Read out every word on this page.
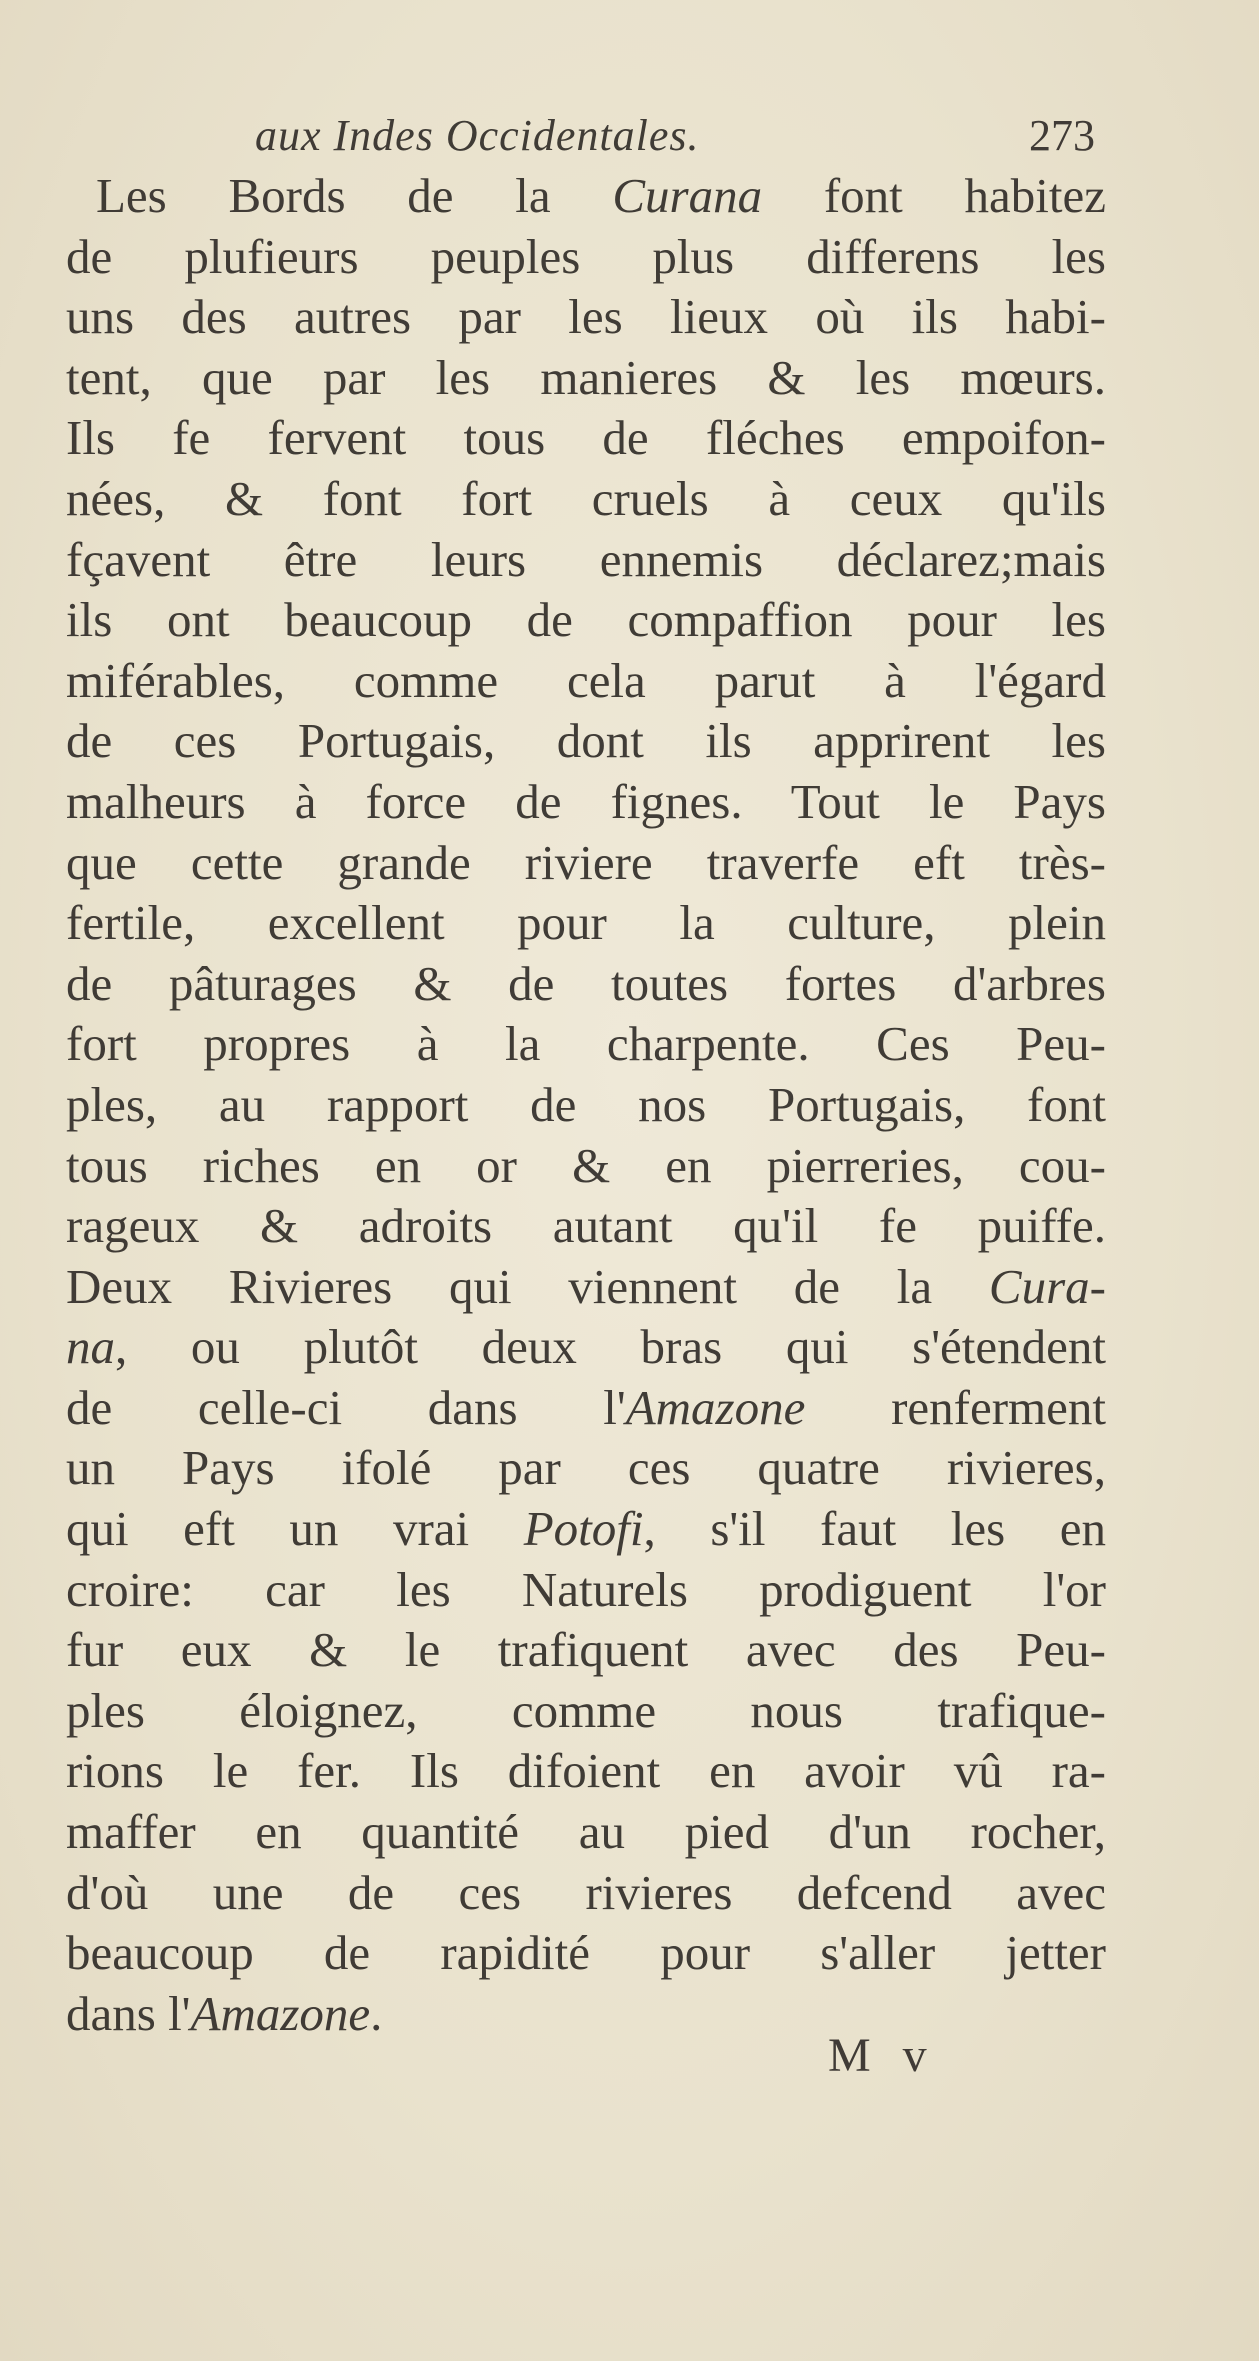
aux Indes Occidentales.	273
Les Bords de la Curana font habitez
de plufieurs peuples plus differens les
uns des autres par les lieux où ils habi-
tent, que par les manieres & les mœurs.
Ils fe fervent tous de fléches empoifon-
nées, & font fort cruels à ceux qu'ils
fçavent être leurs ennemis déclarez;mais
ils ont beaucoup de compaffion pour les
miférables, comme cela parut à l'égard
de ces Portugais, dont ils apprirent les
malheurs à force de fignes. Tout le Pays
que cette grande riviere traverfe eft très-
fertile, excellent pour la culture, plein
de pâturages & de toutes fortes d'arbres
fort propres à la charpente. Ces Peu-
ples, au rapport de nos Portugais, font
tous riches en or & en pierreries, cou-
rageux & adroits autant qu'il fe puiffe.
Deux Rivieres qui viennent de la Cura-
na, ou plutôt deux bras qui s'étendent
de celle-ci dans l'Amazone renferment
un Pays ifolé par ces quatre rivieres,
qui eft un vrai Potofi, s'il faut les en
croire: car les Naturels prodiguent l'or
fur eux & le trafiquent avec des Peu-
ples éloignez, comme nous trafique-
rions le fer. Ils difoient en avoir vû ra-
maffer en quantité au pied d'un rocher,
d'où une de ces rivieres defcend avec
beaucoup de rapidité pour s'aller jetter
dans l'Amazone.
M v
